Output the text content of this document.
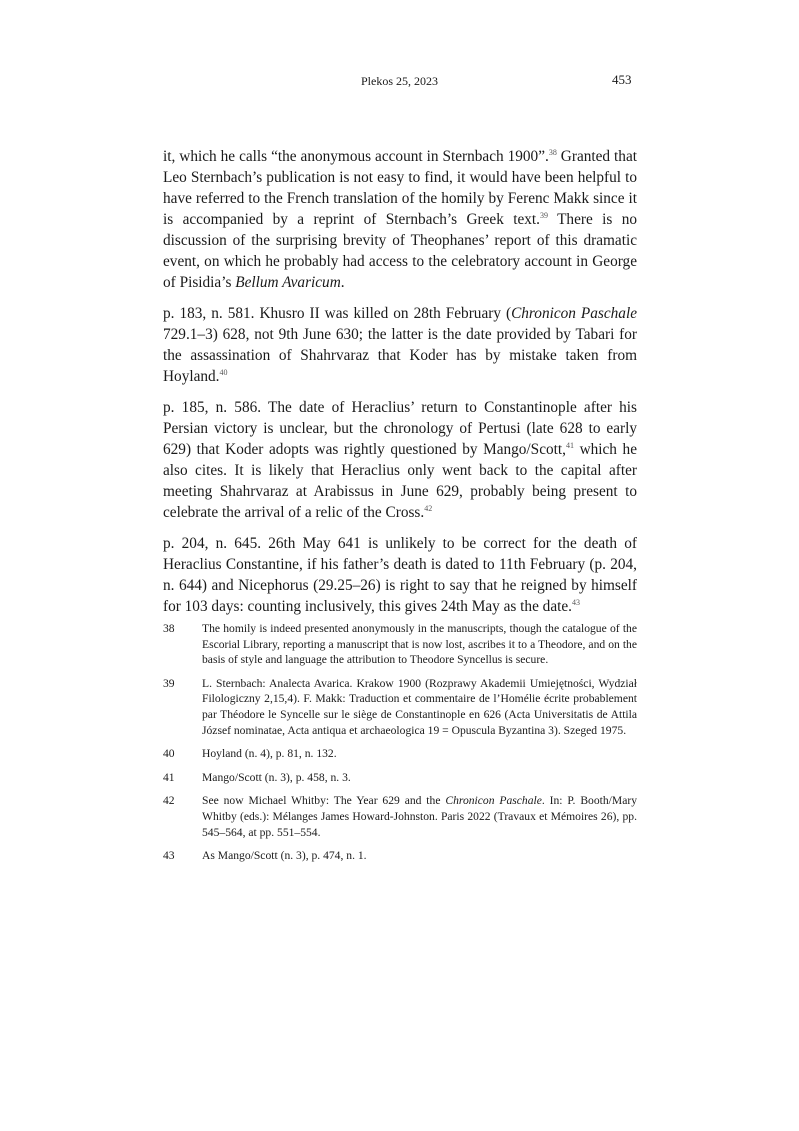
Plekos 25, 2023	453

it, which he calls “the anonymous account in Sternbach 1900”.$^{38}$ Granted that Leo Sternbach’s publication is not easy to find, it would have been helpful to have referred to the French translation of the homily by Ferenc Makk since it is accompanied by a reprint of Sternbach’s Greek text.$^{39}$ There is no discussion of the surprising brevity of Theophanes’ report of this dramatic event, on which he probably had access to the celebratory account in George of Pisidia’s Bellum Avaricum.

p. 183, n. 581. Khusro II was killed on 28th February (Chronicon Paschale 729.1–3) 628, not 9th June 630; the latter is the date provided by Tabari for the assassination of Shahrvaraz that Koder has by mistake taken from Hoyland.$^{40}$

p. 185, n. 586. The date of Heraclius’ return to Constantinople after his Persian victory is unclear, but the chronology of Pertusi (late 628 to early 629) that Koder adopts was rightly questioned by Mango/Scott,$^{41}$ which he also cites. It is likely that Heraclius only went back to the capital after meeting Shahrvaraz at Arabissus in June 629, probably being present to celebrate the arrival of a relic of the Cross.$^{42}$

p. 204, n. 645. 26th May 641 is unlikely to be correct for the death of Heraclius Constantine, if his father’s death is dated to 11th February (p. 204, n. 644) and Nicephorus (29.25–26) is right to say that he reigned by himself for 103 days: counting inclusively, this gives 24th May as the date.$^{43}$

38	The homily is indeed presented anonymously in the manuscripts, though the catalogue of the Escorial Library, reporting a manuscript that is now lost, ascribes it to a Theodore, and on the basis of style and language the attribution to Theodore Syncellus is secure.
39	L. Sternbach: Analecta Avarica. Krakow 1900 (Rozprawy Akademii Umiejętności, Wydział Filologiczny 2,15,4). F. Makk: Traduction et commentaire de l’Homélie écrite probablement par Théodore le Syncelle sur le siège de Constantinople en 626 (Acta Universitatis de Attila József nominatae, Acta antiqua et archaeologica 19 = Opuscula Byzantina 3). Szeged 1975.
40	Hoyland (n. 4), p. 81, n. 132.
41	Mango/Scott (n. 3), p. 458, n. 3.
42	See now Michael Whitby: The Year 629 and the Chronicon Paschale. In: P. Booth/Mary Whitby (eds.): Mélanges James Howard-Johnston. Paris 2022 (Travaux et Mémoires 26), pp. 545–564, at pp. 551–554.
43	As Mango/Scott (n. 3), p. 474, n. 1.
